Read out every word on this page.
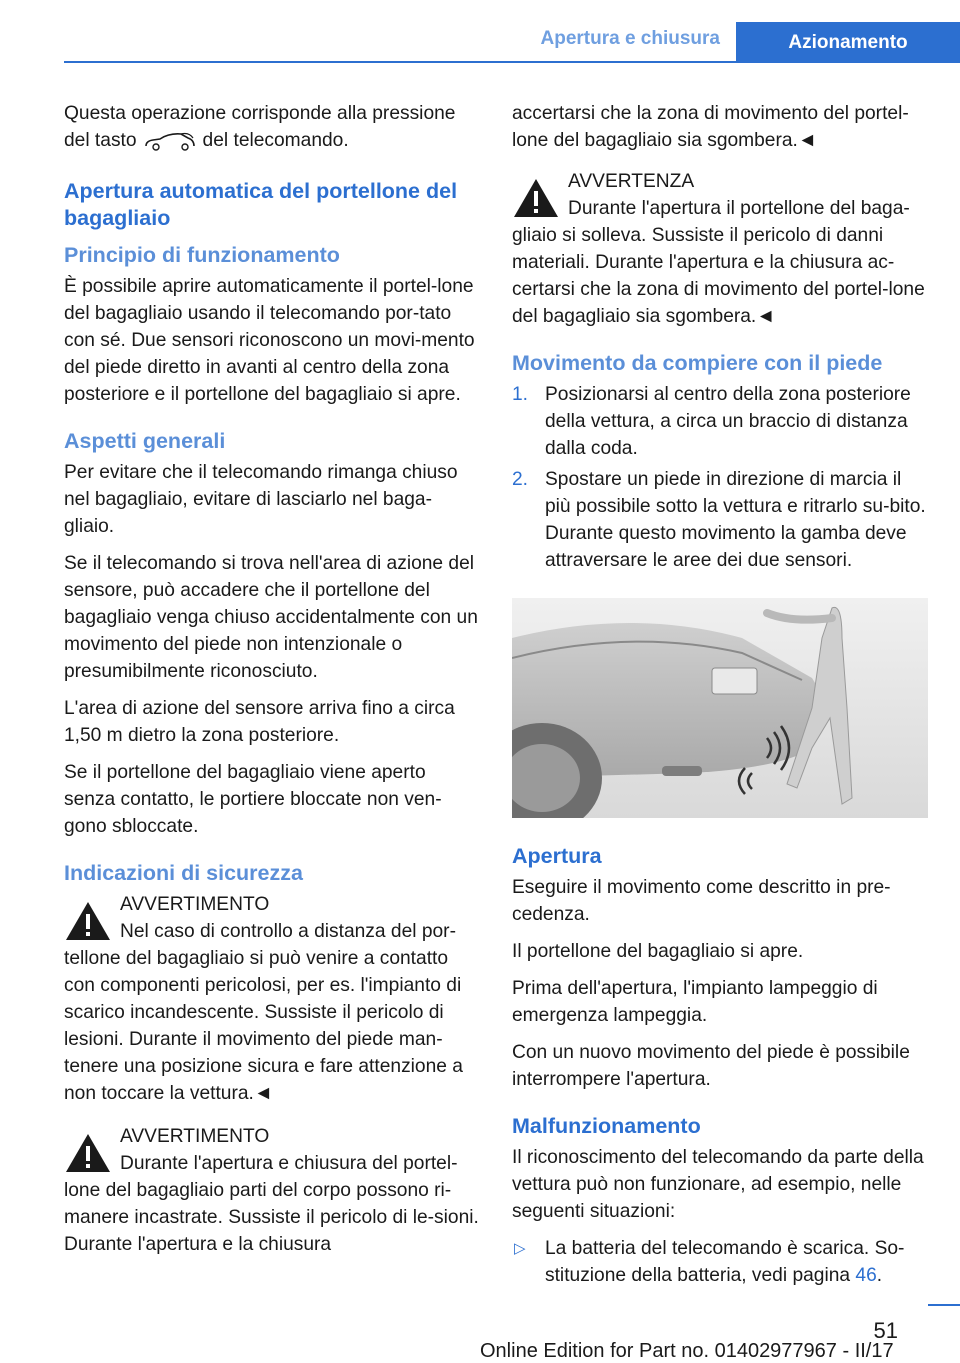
Apertura e chiusura	Azionamento

Questa operazione corrisponde alla pressione del tasto	del telecomando.

Apertura automatica del portellone del bagagliaio
Principio di funzionamento

È possibile aprire automaticamente il portel-lone del bagagliaio usando il telecomando por-tato con sé. Due sensori riconoscono un movi-mento del piede diretto in avanti al centro della zona posteriore e il portellone del bagagliaio si apre.

Aspetti generali

Per evitare che il telecomando rimanga chiuso nel bagagliaio, evitare di lasciarlo nel baga-gliaio.

Se il telecomando si trova nell'area di azione del sensore, può accadere che il portellone del bagagliaio venga chiuso accidentalmente con un movimento del piede non intenzionale o presumibilmente riconosciuto.

L'area di azione del sensore arriva fino a circa 1,50 m dietro la zona posteriore.

Se il portellone del bagagliaio viene aperto senza contatto, le portiere bloccate non ven-gono sbloccate.

Indicazioni di sicurezza
AVVERTIMENTO
Nel caso di controllo a distanza del por-tellone del bagagliaio si può venire a contatto con componenti pericolosi, per es. l'impianto di scarico incandescente. Sussiste il pericolo di lesioni. Durante il movimento del piede man-tenere una posizione sicura e fare attenzione a non toccare la vettura.◄
AVVERTIMENTO
Durante l'apertura e chiusura del portel-lone del bagagliaio parti del corpo possono ri-manere incastrate. Sussiste il pericolo di le-sioni. Durante l'apertura e la chiusura

accertarsi che la zona di movimento del portel-lone del bagagliaio sia sgombera.◄

AVVERTENZA
Durante l'apertura il portellone del baga-gliaio si solleva. Sussiste il pericolo di danni materiali. Durante l'apertura e la chiusura ac-certarsi che la zona di movimento del portel-lone del bagagliaio sia sgombera.◄
Movimento da compiere con il piede
1. Posizionarsi al centro della zona posteriore della vettura, a circa un braccio di distanza dalla coda.
2. Spostare un piede in direzione di marcia il più possibile sotto la vettura e ritrarlo su-bito. Durante questo movimento la gamba deve attraversare le aree dei due sensori.
Apertura

Eseguire il movimento come descritto in pre-cedenza.

Il portellone del bagagliaio si apre.

Prima dell'apertura, l'impianto lampeggio di emergenza lampeggia.

Con un nuovo movimento del piede è possibile interrompere l'apertura.

Malfunzionamento

Il riconoscimento del telecomando da parte della vettura può non funzionare, ad esempio, nelle seguenti situazioni:

▷ La batteria del telecomando è scarica. So-stituzione della batteria, vedi pagina 46.
51
Online Edition for Part no. 01402977967 - II/17
